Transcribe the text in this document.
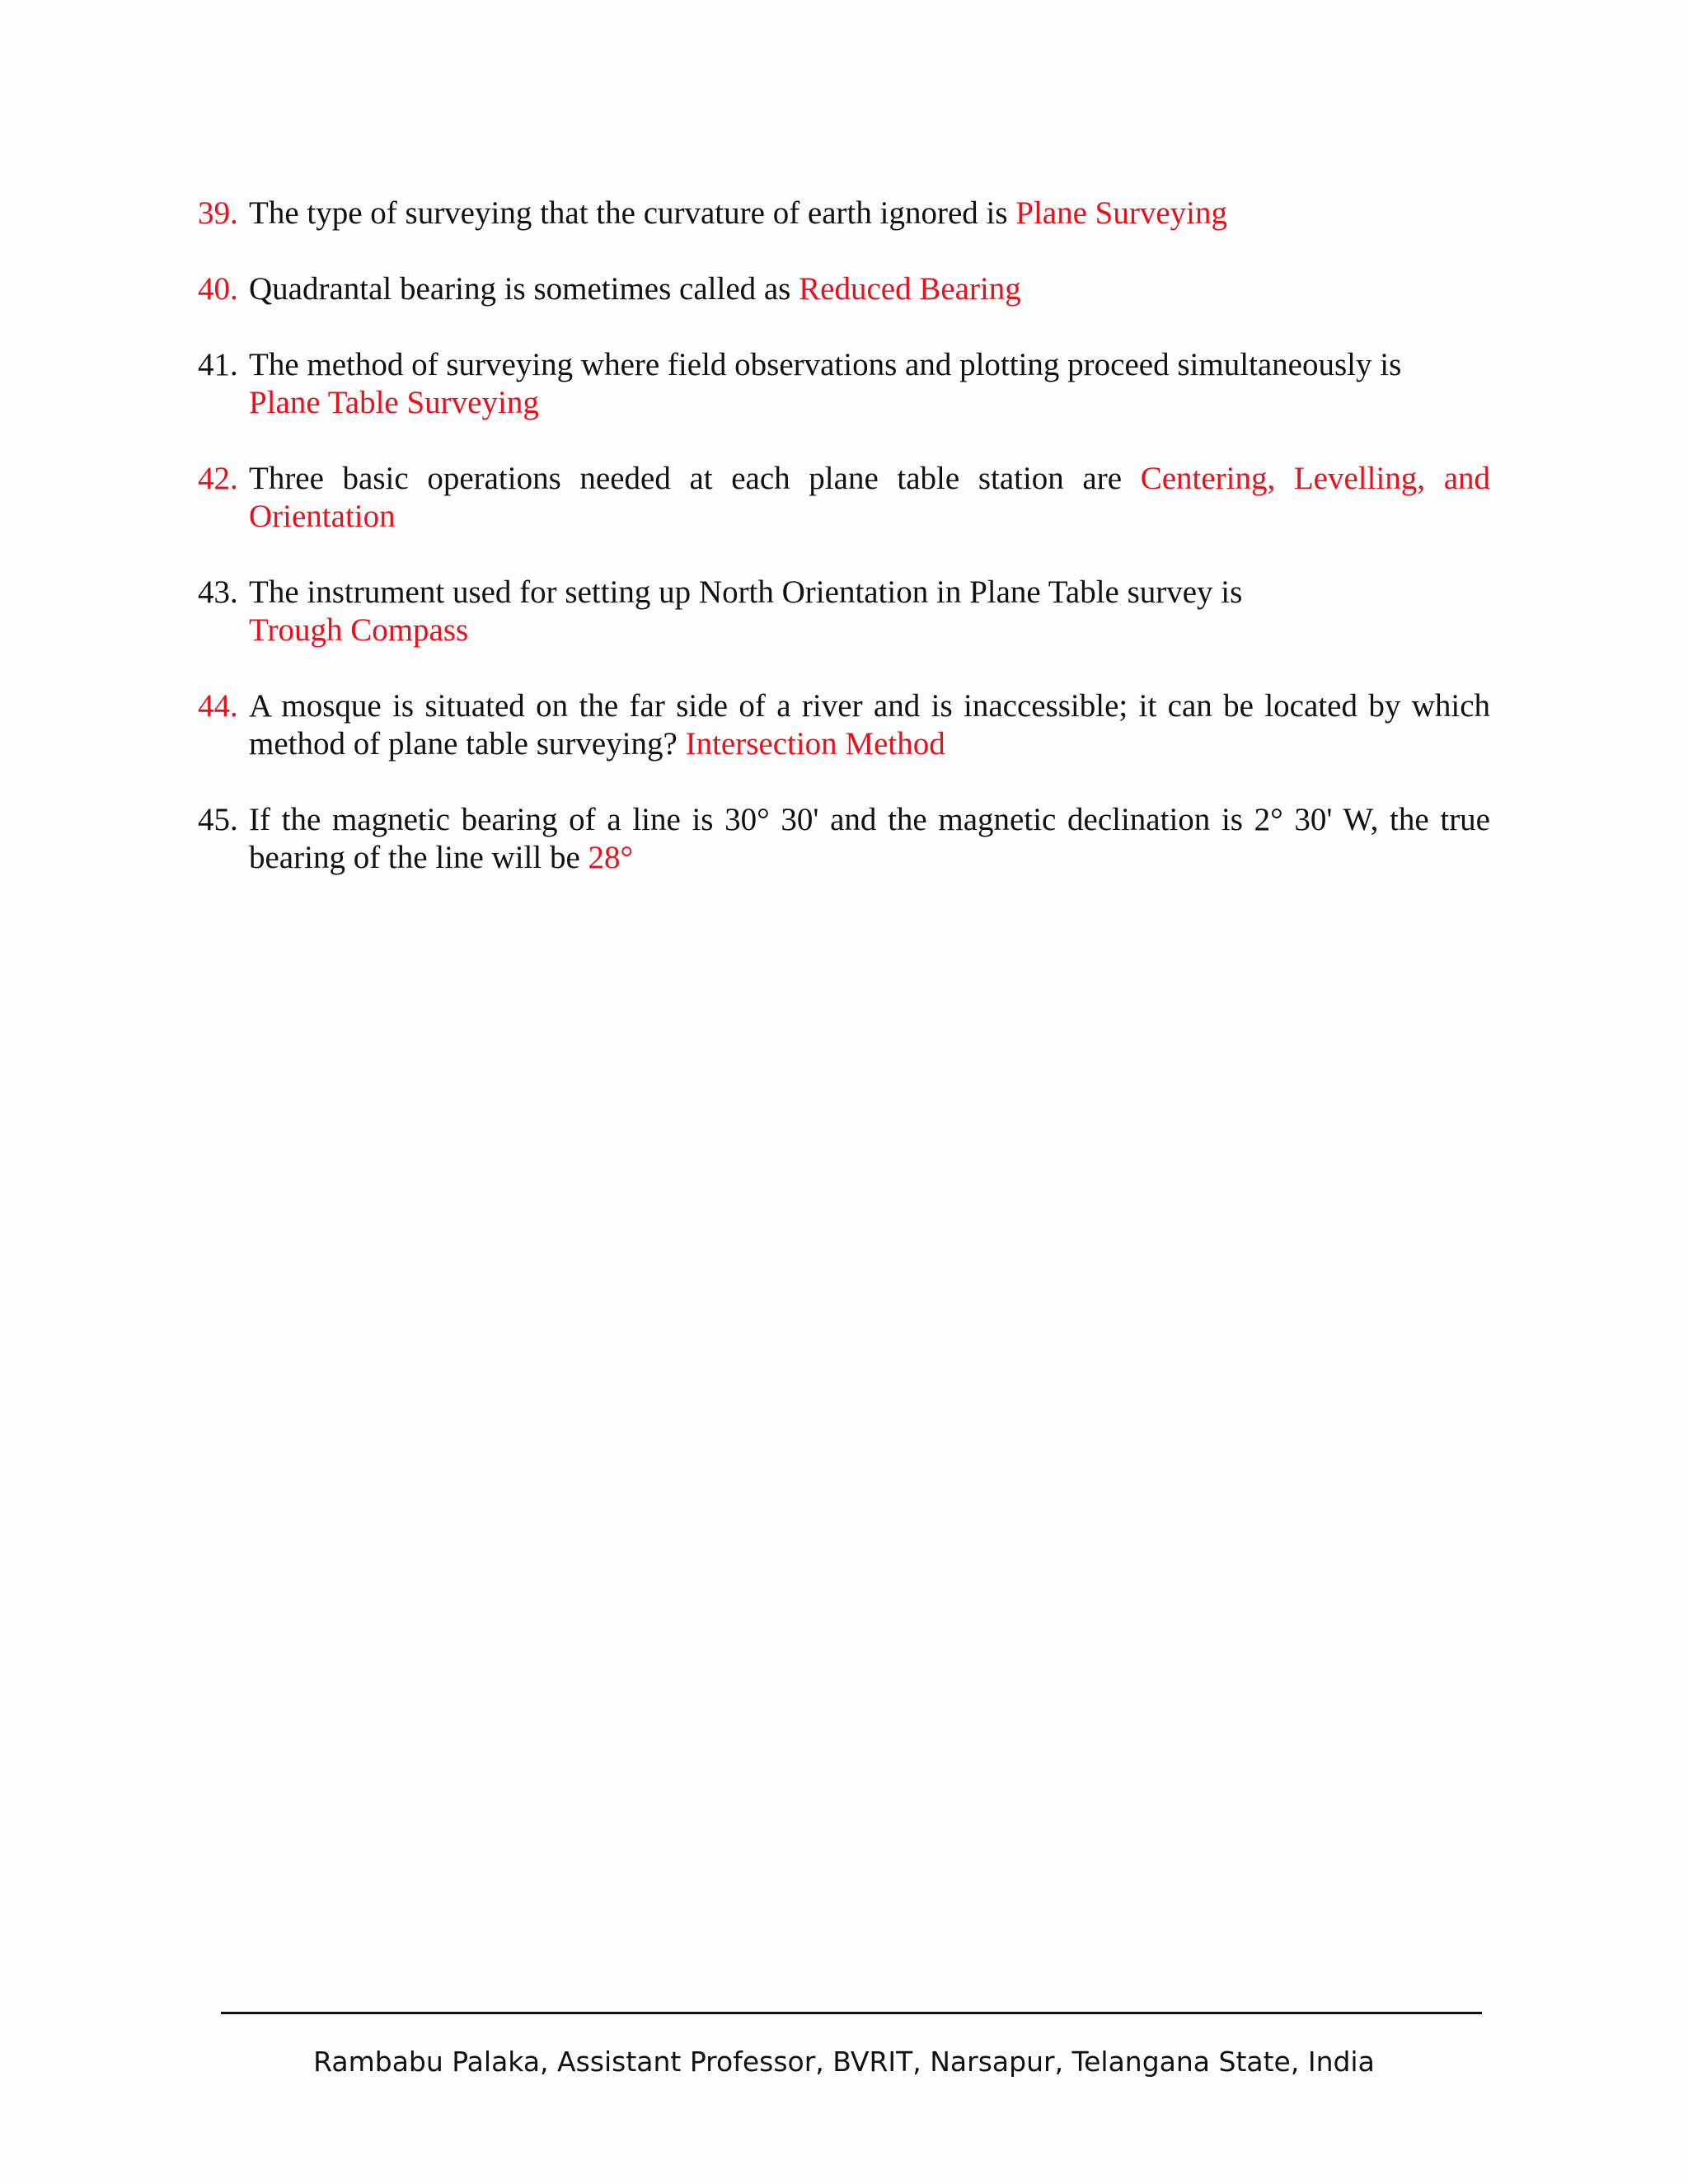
39. The type of surveying that the curvature of earth ignored is Plane Surveying
40. Quadrantal bearing is sometimes called as Reduced Bearing
41. The method of surveying where field observations and plotting proceed simultaneously is
Plane Table Surveying
42. Three basic operations needed at each plane table station are Centering, Levelling, and Orientation
43. The instrument used for setting up North Orientation in Plane Table survey is
Trough Compass
44. A mosque is situated on the far side of a river and is inaccessible; it can be located by which method of plane table surveying? Intersection Method
45. If the magnetic bearing of a line is 30° 30' and the magnetic declination is 2° 30' W, the true bearing of the line will be 28°
Rambabu Palaka, Assistant Professor, BVRIT, Narsapur, Telangana State, India
